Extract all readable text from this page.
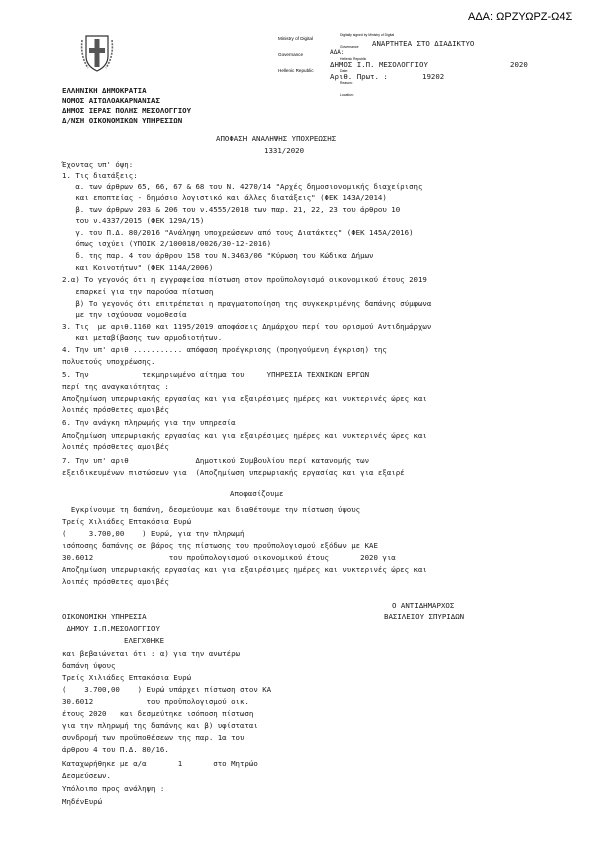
ΑΔΑ: ΩΡΖΥΩΡΖ-Ω4Σ

Ministry of Digital

Governance

Hellenic Republic

Digitally signed by Ministry of Digital

Governance

Hellenic Republic

Date:

Reason:

Location:

ΑΝΑΡΤΗΤΕΑ ΣΤΟ ΔΙΑΔΙΚΤΥΟ
ΑΔΑ:
ΔΗΜΟΣ Ι.Π. ΜΕΣΟΛΟΓΓΙΟΥ	2020
Αριθ. Πρωτ. :	19202
ΕΛΛΗΝΙΚΗ ΔΗΜΟΚΡΑΤΙΑ
ΝΟΜΟΣ ΑΙΤΩΛΟΑΚΑΡΝΑΝΙΑΣ
ΔΗΜΟΣ ΙΕΡΑΣ ΠΟΛΗΣ ΜΕΣΟΛΟΓΓΙΟΥ
Δ/ΝΣΗ ΟΙΚΟΝΟΜΙΚΩΝ ΥΠΗΡΕΣΙΩΝ
ΑΠΟΦΑΣΗ ΑΝΑΛΗΨΗΣ ΥΠΟΧΡΕΩΣΗΣ
1331/2020
Έχοντας υπ' όψη:
1. Τις διατάξεις:
α. των άρθρων 65, 66, 67 & 68 του Ν. 4270/14 "Αρχές δημοσιονομικής διαχείρισης
και εποπτείας - δημόσιο λογιστικό και άλλες διατάξεις" (ΦΕΚ 143Α/2014)
β. των άρθρων 203 & 206 του ν.4555/2018 των παρ. 21, 22, 23 του άρθρου 10
του ν.4337/2015 (ΦΕΚ 129Α/15)
γ. του Π.Δ. 80/2016 "Ανάληψη υποχρεώσεων από τους Διατάκτες" (ΦΕΚ 145Α/2016)
όπως ισχύει (ΥΠΟΙΚ 2/100018/0026/30-12-2016)
δ. της παρ. 4 του άρθρου 158 του Ν.3463/06 "Κύρωση του Κώδικα Δήμων
και Κοινοτήτων" (ΦΕΚ 114Α/2006)
2.α) Το γεγονός ότι η εγγραφείσα πίστωση στον προϋπολογισμό οικονομικού έτους 2019
επαρκεί για την παρούσα πίστωση
β) Το γεγονός ότι επιτρέπεται η πραγματοποίηση της συγκεκριμένης δαπάνης σύμφωνα
με την ισχύουσα νομοθεσία
3. Τις  με αριθ.1160 και 1195/2019 αποφάσεις Δημάρχου περί του ορισμού Αντιδημάρχων
και μεταβίβασης των αρμοδιοτήτων.
4. Την υπ' αριθ ........... απόφαση προέγκρισης (προηγούμενη έγκριση) της
πολυετούς υποχρέωσης.
5. Την            τεκμηριωμένο αίτημα του     ΥΠΗΡΕΣΙΑ ΤΕΧΝΙΚΩΝ ΕΡΓΩΝ
περί της αναγκαιότητας :
Αποζημίωση υπερωριακής εργασίας και για εξαιρέσιμες ημέρες και νυκτερινές ώρες και
λοιπές πρόσθετες αμοιβές
6. Την ανάγκη πληρωμής για την υπηρεσία
Αποζημίωση υπερωριακής εργασίας και για εξαιρέσιμες ημέρες και νυκτερινές ώρες και
λοιπές πρόσθετες αμοιβές
7. Την υπ' αριθ               Δημοτικού Συμβουλίου περί κατανομής των
εξειδικευμένων πιστώσεων για  (Αποζημίωση υπερωριακής εργασίας και για εξαιρέ
Αποφασίζουμε
Εγκρίνουμε τη δαπάνη, δεσμεύουμε και διαθέτουμε την πίστωση ύψους
Τρείς Χιλιάδες Επτακόσια Ευρώ
(     3.700,00    ) Ευρώ, για την πληρωμή
ισόποσης δαπάνης σε βάρος της πίστωσης του προϋπολογισμού εξόδων με ΚΑΕ
30.6012                 του προϋπολογισμού οικονομικού έτους       2020 για
Αποζημίωση υπερωριακής εργασίας και για εξαιρέσιμες ημέρες και νυκτερινές ώρες και
λοιπές πρόσθετες αμοιβές
Ο ΑΝΤΙΔΗΜΑΡΧΟΣ
ΒΑΣΙΛΕΙΟΥ ΣΠΥΡΙΔΩΝ
ΟΙΚΟΝΟΜΙΚΗ ΥΠΗΡΕΣΙΑ
ΔΗΜΟΥ Ι.Π.ΜΕΣΟΛΟΓΓΙΟΥ
ΕΛΕΓΧΘΗΚΕ
και βεβαιώνεται ότι : α) για την ανωτέρω
δαπάνη ύψους
Τρείς Χιλιάδες Επτακόσια Ευρώ
(    3.700,00    ) Ευρώ υπάρχει πίστωση στον ΚΑ
30.6012            του προϋπολογισμού οικ.
έτους 2020   και δεσμεύτηκε ισόποση πίστωση
για την πληρωμή της δαπάνης και β) υφίσταται
συνδρομή των προϋποθέσεων της παρ. 1α του
άρθρου 4 του Π.Δ. 80/16.
Καταχωρήθηκε με α/α       1       στο Μητρώο
Δεσμεύσεων.
Υπόλοιπο προς ανάληψη :
ΜηδένΕυρώ
